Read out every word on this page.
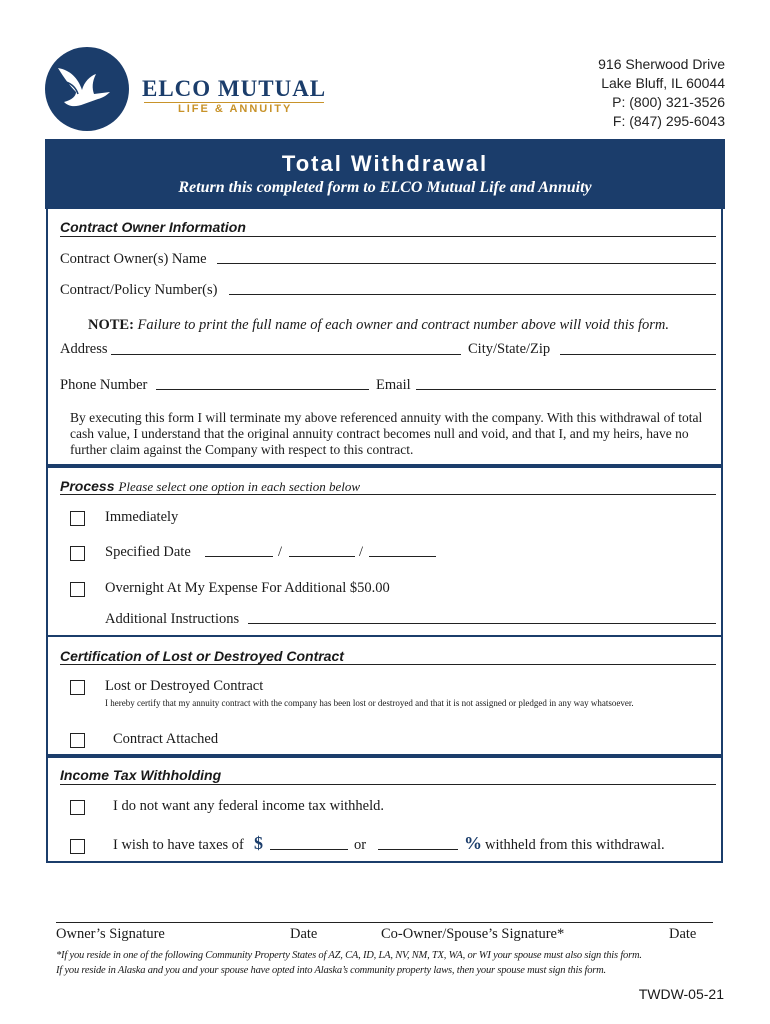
ELCO MUTUAL
LIFE & ANNUITY
916 Sherwood Drive
Lake Bluff, IL 60044
P: (800) 321-3526
F: (847) 295-6043
Total Withdrawal
Return this completed form to ELCO Mutual Life and Annuity
Contract Owner Information
Contract Owner(s) Name
Contract/Policy Number(s)
NOTE: Failure to print the full name of each owner and contract number above will void this form.
Address	City/State/Zip
Phone Number	Email
By executing this form I will terminate my above referenced annuity with the company. With this withdrawal of total cash value, I understand that the original annuity contract becomes null and void, and that I, and my heirs, have no further claim against the Company with respect to this contract.
Process Please select one option in each section below
Immediately
Specified Date	/	/
Overnight At My Expense For Additional $50.00
Additional Instructions
Certification of Lost or Destroyed Contract
Lost or Destroyed Contract
I hereby certify that my annuity contract with the company has been lost or destroyed and that it is not assigned or pledged in any way whatsoever.
Contract Attached
Income Tax Withholding
I do not want any federal income tax withheld.
I wish to have taxes of $	or	% withheld from this withdrawal.
Owner’s Signature	Date	Co-Owner/Spouse’s Signature*	Date
*If you reside in one of the following Community Property States of AZ, CA, ID, LA, NV, NM, TX, WA, or WI your spouse must also sign this form.
If you reside in Alaska and you and your spouse have opted into Alaska’s community property laws, then your spouse must sign this form.
TWDW-05-21
